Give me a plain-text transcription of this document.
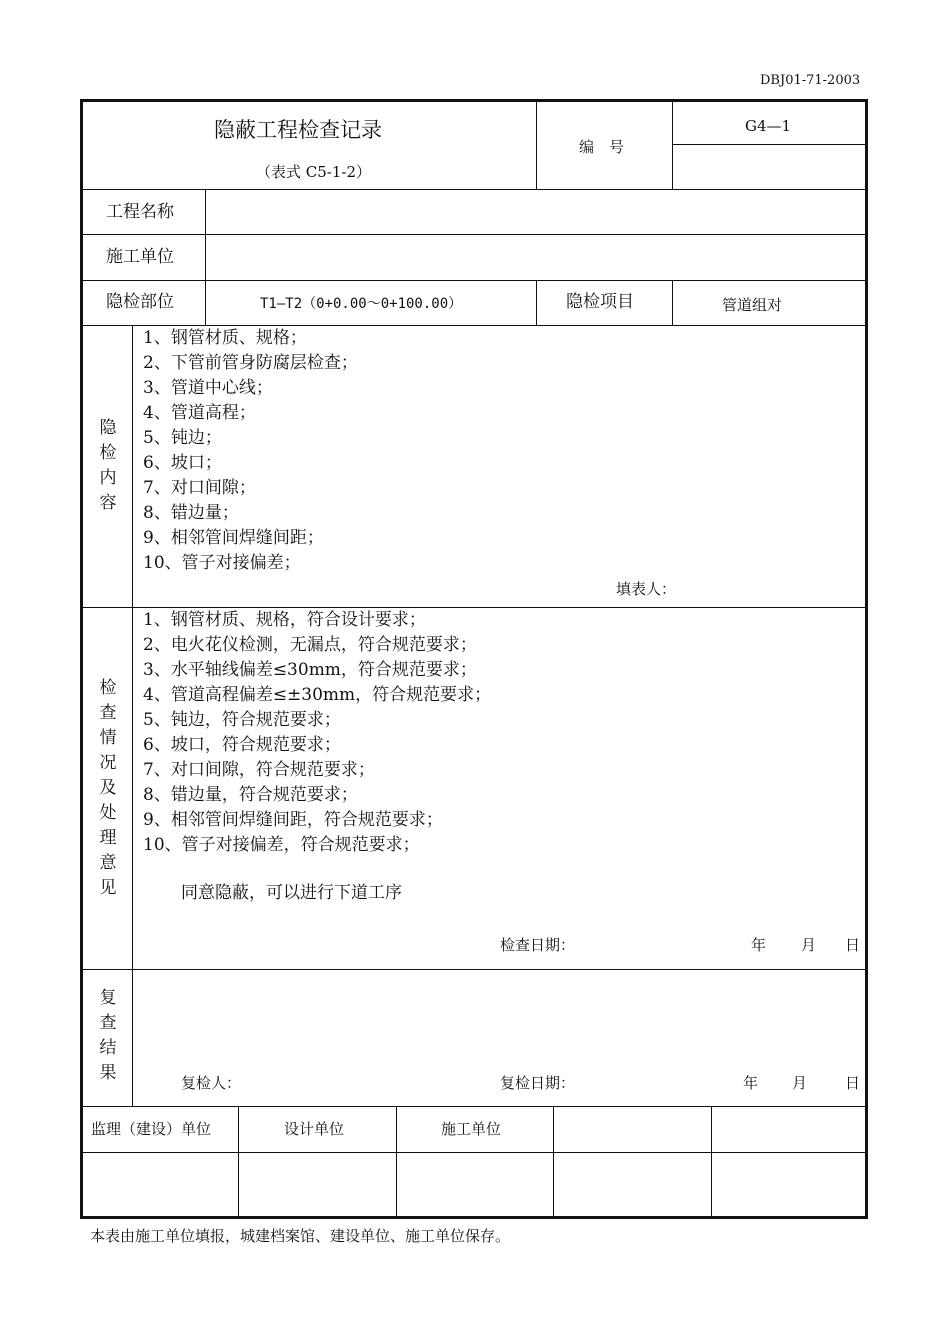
DBJ01-71-2003
隐蔽工程检查记录
（表式 C5-1-2）
编　号
G4—1
工程名称
施工单位
隐检部位	T1—T2（0+0.00～0+100.00）	隐检项目	管道组对
隐检内容
1、钢管材质、规格；
2、下管前管身防腐层检查；
3、管道中心线；
4、管道高程；
5、钝边；
6、坡口；
7、对口间隙；
8、错边量；
9、相邻管间焊缝间距；
10、管子对接偏差；
填表人：
检查情况及处理意见
1、钢管材质、规格，符合设计要求；
2、电火花仪检测，无漏点，符合规范要求；
3、水平轴线偏差≤30mm，符合规范要求；
4、管道高程偏差≤±30mm，符合规范要求；
5、钝边，符合规范要求；
6、坡口，符合规范要求；
7、对口间隙，符合规范要求；
8、错边量，符合规范要求；
9、相邻管间焊缝间距，符合规范要求；
10、管子对接偏差，符合规范要求；
同意隐蔽，可以进行下道工序
检查日期：	年 月 日
复查结果	复检人：	复检日期：	年 月	日
监理（建设）单位	设计单位	施工单位
本表由施工单位填报，城建档案馆、建设单位、施工单位保存。
